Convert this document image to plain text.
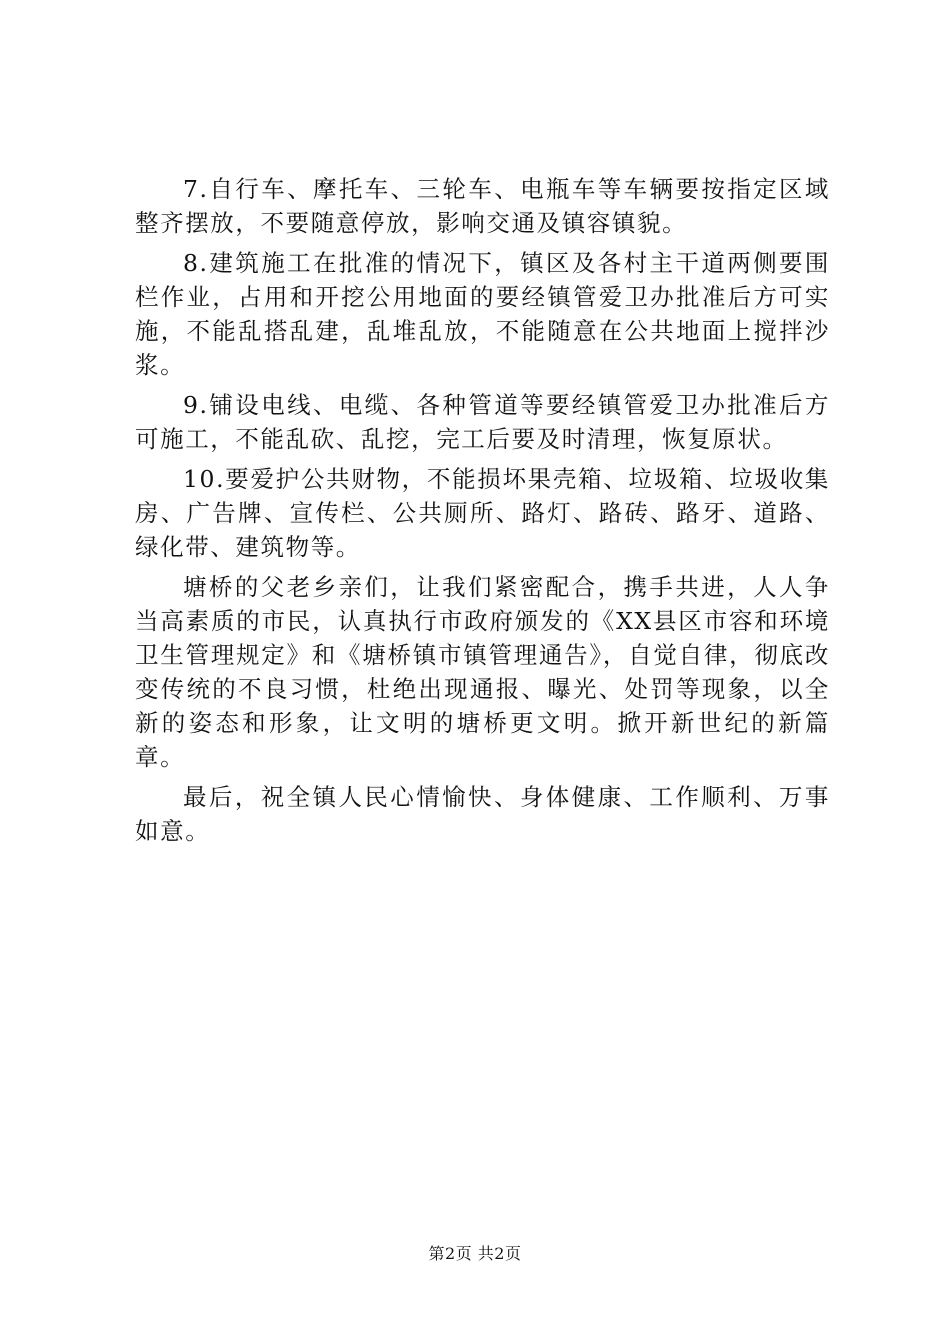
7.自行车、摩托车、三轮车、电瓶车等车辆要按指定区域整齐摆放，不要随意停放，影响交通及镇容镇貌。

8.建筑施工在批准的情况下，镇区及各村主干道两侧要围栏作业，占用和开挖公用地面的要经镇管爱卫办批准后方可实施，不能乱搭乱建，乱堆乱放，不能随意在公共地面上搅拌沙浆。

9.铺设电线、电缆、各种管道等要经镇管爱卫办批准后方可施工，不能乱砍、乱挖，完工后要及时清理，恢复原状。

10.要爱护公共财物，不能损坏果壳箱、垃圾箱、垃圾收集房、广告牌、宣传栏、公共厕所、路灯、路砖、路牙、道路、绿化带、建筑物等。

塘桥的父老乡亲们，让我们紧密配合，携手共进，人人争当高素质的市民，认真执行市政府颁发的《XX县区市容和环境卫生管理规定》和《塘桥镇市镇管理通告》，自觉自律，彻底改变传统的不良习惯，杜绝出现通报、曝光、处罚等现象，以全新的姿态和形象，让文明的塘桥更文明。掀开新世纪的新篇章。

最后，祝全镇人民心情愉快、身体健康、工作顺利、万事如意。

第2页 共2页
